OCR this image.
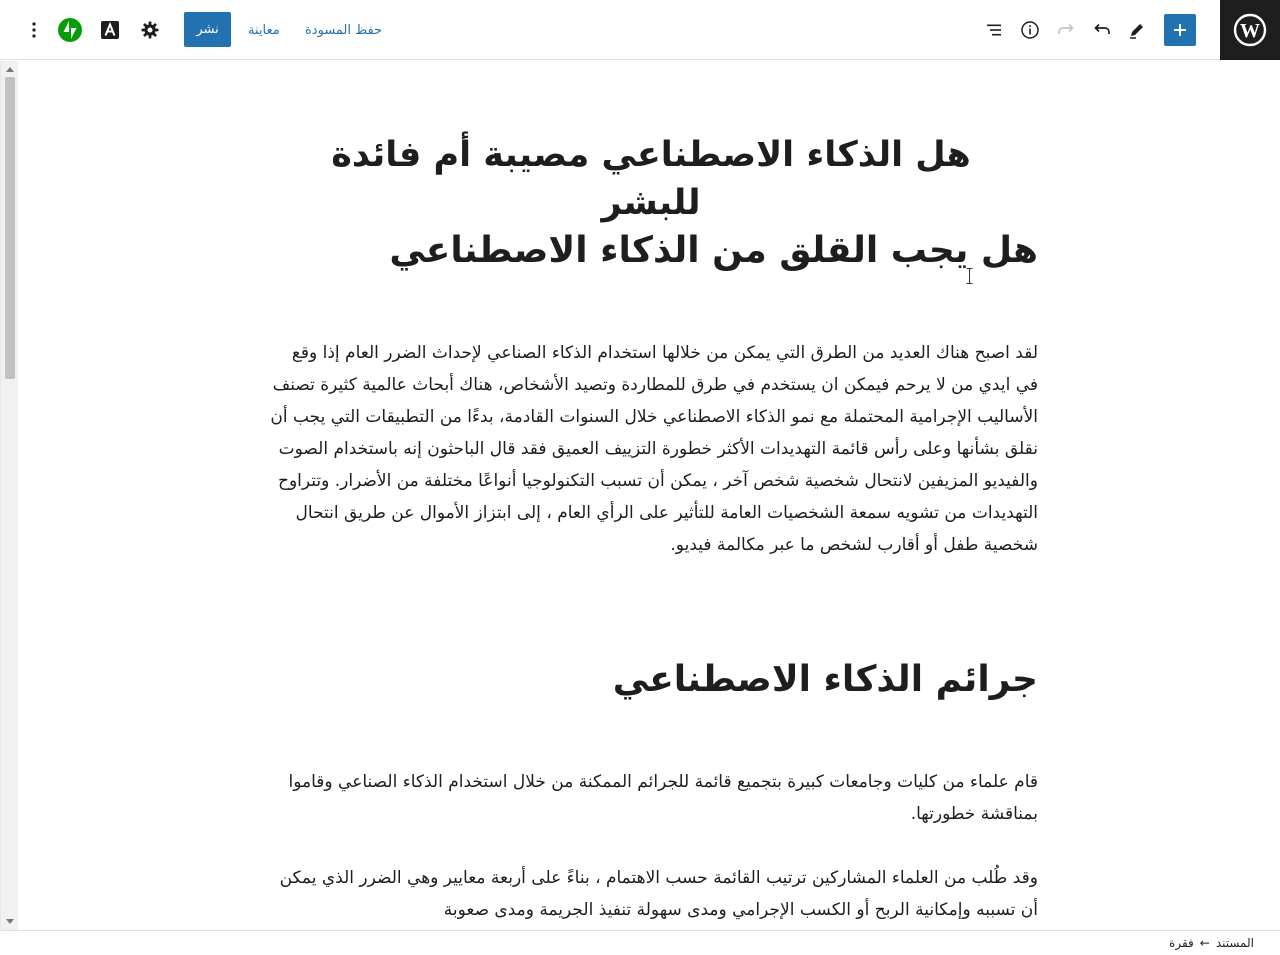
W
حفظ المسودة
معاينة
نشر
هل الذكاء الاصطناعي مصيبة أم فائدة للبشر
هل يجب القلق من الذكاء الاصطناعي

لقد اصبح هناك العديد من الطرق التي يمكن من خلالها استخدام الذكاء الصناعي لإحداث الضرر العام إذا وقع في ايدي من لا يرحم فيمكن ان يستخدم في طرق للمطاردة وتصيد الأشخاص، هناك أبحاث عالمية كثيرة تصنف الأساليب الإجرامية المحتملة مع نمو الذكاء الاصطناعي خلال السنوات القادمة، بدءًا من التطبيقات التي يجب أن نقلق بشأنها وعلى رأس قائمة التهديدات الأكثر خطورة التزييف العميق فقد قال الباحثون إنه باستخدام الصوت والفيديو المزيفين لانتحال شخصية شخص آخر ، يمكن أن تسبب التكنولوجيا أنواعًا مختلفة من الأضرار. وتتراوح التهديدات من تشويه سمعة الشخصيات العامة للتأثير على الرأي العام ، إلى ابتزاز الأموال عن طريق انتحال شخصية طفل أو أقارب لشخص ما عبر مكالمة فيديو.

جرائم الذكاء الاصطناعي

قام علماء من كليات وجامعات كبيرة بتجميع قائمة للجرائم الممكنة من خلال استخدام الذكاء الصناعي وقاموا بمناقشة خطورتها.

وقد طُلب من العلماء المشاركين ترتيب القائمة حسب الاهتمام ، بناءً على أربعة معايير وهي الضرر الذي يمكن أن تسببه وإمكانية الربح أو الكسب الإجرامي ومدى سهولة تنفيذ الجريمة ومدى صعوبة

المستند
←
فقرة
